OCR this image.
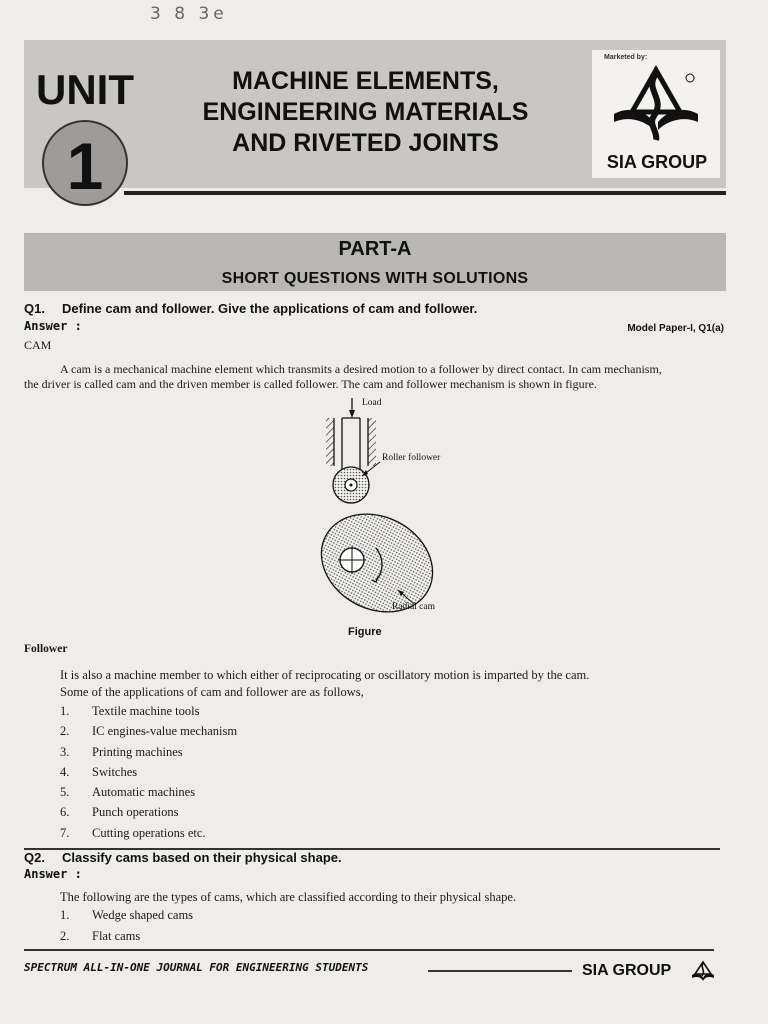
3 8 3e
UNIT
1
MACHINE ELEMENTS,
ENGINEERING MATERIALS
AND RIVETED JOINTS
Marketed by:
SIA GROUP
PART-A
SHORT QUESTIONS WITH SOLUTIONS
Q1. Define cam and follower. Give the applications of cam and follower.
Answer :	Model Paper-I, Q1(a)
CAM
A cam is a mechanical machine element which transmits a desired motion to a follower by direct contact. In cam mechanism,
the driver is called cam and the driven member is called follower. The cam and follower mechanism is shown in figure.
Load
Roller follower
Radial cam
Figure
Follower
It is also a machine member to which either of reciprocating or oscillatory motion is imparted by the cam.
Some of the applications of cam and follower are as follows,
1.	Textile machine tools
2.	IC engines-value mechanism
3.	Printing machines
4.	Switches
5.	Automatic machines
6.	Punch operations
7.	Cutting operations etc.
Q2. Classify cams based on their physical shape.
Answer :
The following are the types of cams, which are classified according to their physical shape.
1.	Wedge shaped cams
2.	Flat cams
SPECTRUM ALL-IN-ONE JOURNAL FOR ENGINEERING STUDENTS	SIA GROUP
